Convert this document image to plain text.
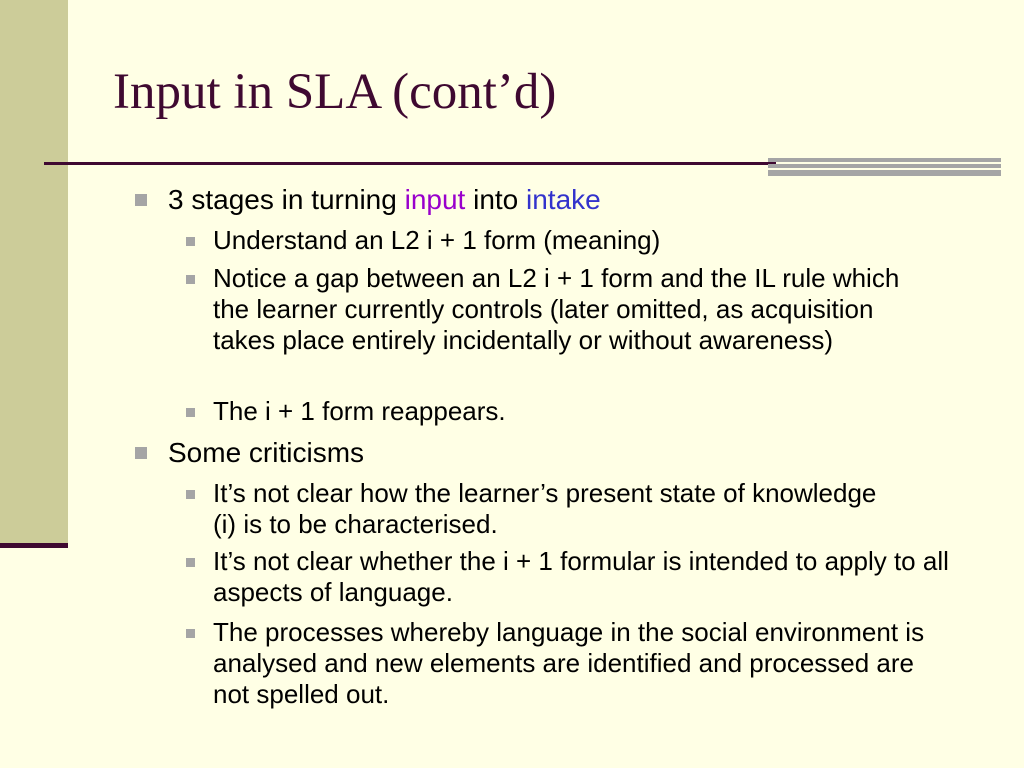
Input in SLA (cont’d)
3 stages in turning input into intake
Understand an L2 i + 1 form (meaning)
Notice a gap between an L2 i + 1 form and the IL rule which the learner currently controls (later omitted, as acquisition takes place entirely incidentally or without awareness)
The i + 1 form reappears.
Some criticisms
It’s not clear how the learner’s present state of knowledge (i) is to be characterised.
It’s not clear whether the i + 1 formular is intended to apply to all aspects of language.
The processes whereby language in the social environment is analysed and new elements are identified and processed are not spelled out.
